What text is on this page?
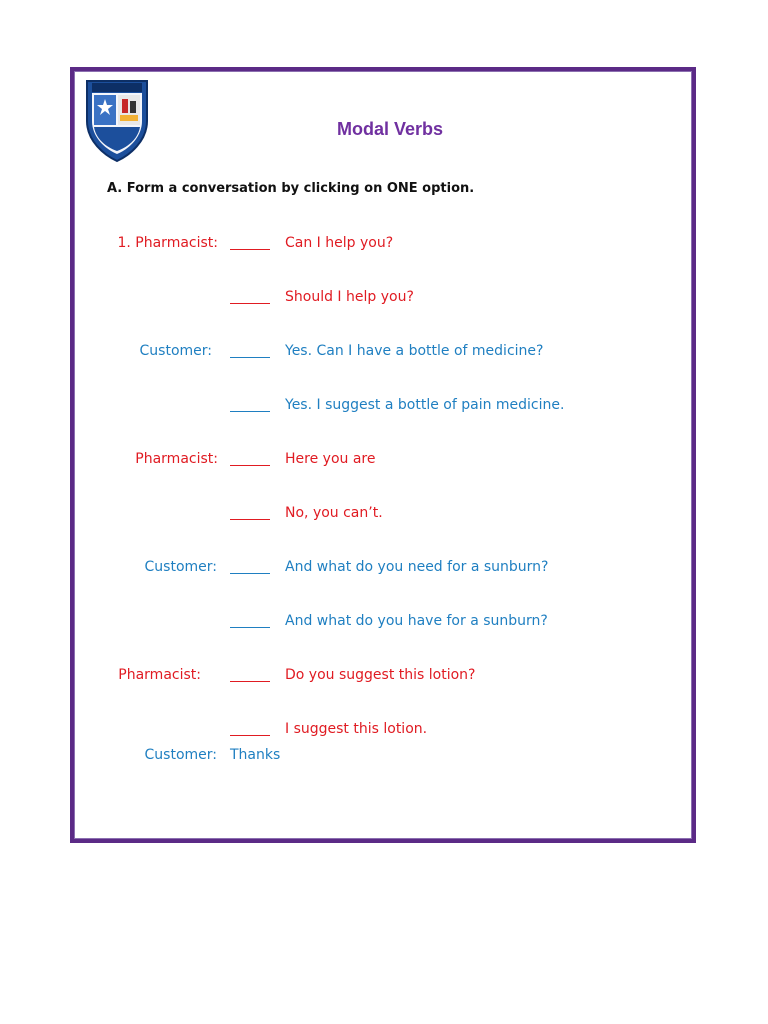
Modal Verbs
A. Form a conversation by clicking on ONE option.
1. Pharmacist:	Can I help you?
Should I help you?
Customer:	Yes. Can I have a bottle of medicine?
Yes. I suggest a bottle of pain medicine.
Pharmacist:	Here you are
No, you can’t.
Customer:	And what do you need for a sunburn?
And what do you have for a sunburn?
Pharmacist:	Do you suggest this lotion?
I suggest this lotion.
Customer: Thanks
